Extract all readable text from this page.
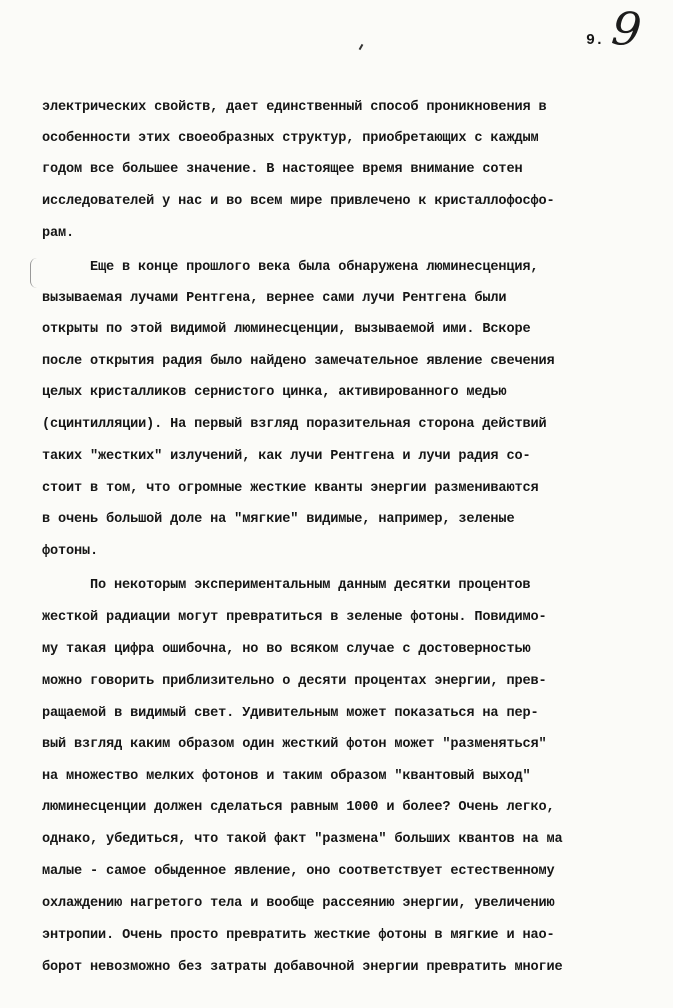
9. 9
электрических свойств, дает единственный способ проникновения в
особенности этих своеобразных структур, приобретающих с каждым
годом все большее значение. В настоящее время внимание сотен
исследователей у нас и во всем мире привлечено к кристаллофосфо-
рам.
Еще в конце прошлого века была обнаружена люминесценция,
вызываемая лучами Рентгена, вернее сами лучи Рентгена были
открыты по этой видимой люминесценции, вызываемой ими. Вскоре
после открытия радия было найдено замечательное явление свечения
целых кристалликов сернистого цинка, активированного медью
(сцинтилляции). На первый взгляд поразительная сторона действий
таких "жестких" излучений, как лучи Рентгена и лучи радия со-
стоит в том, что огромные жесткие кванты энергии размениваются
в очень большой доле на "мягкие" видимые, например, зеленые
фотоны.
По некоторым экспериментальным данным десятки процентов
жесткой радиации могут превратиться в зеленые фотоны. Повидимо-
му такая цифра ошибочна, но во всяком случае с достоверностью
можно говорить приблизительно о десяти процентах энергии, прев-
ращаемой в видимый свет. Удивительным может показаться на пер-
вый взгляд каким образом один жесткий фотон может "разменяться"
на множество мелких фотонов и таким образом "квантовый выход"
люминесценции должен сделаться равным 1000 и более? Очень легко,
однако, убедиться, что такой факт "размена" больших квантов на ма
малые - самое обыденное явление, оно соответствует естественному
охлаждению нагретого тела и вообще рассеянию энергии, увеличению
энтропии. Очень просто превратить жесткие фотоны в мягкие и нао-
борот невозможно без затраты добавочной энергии превратить многие
